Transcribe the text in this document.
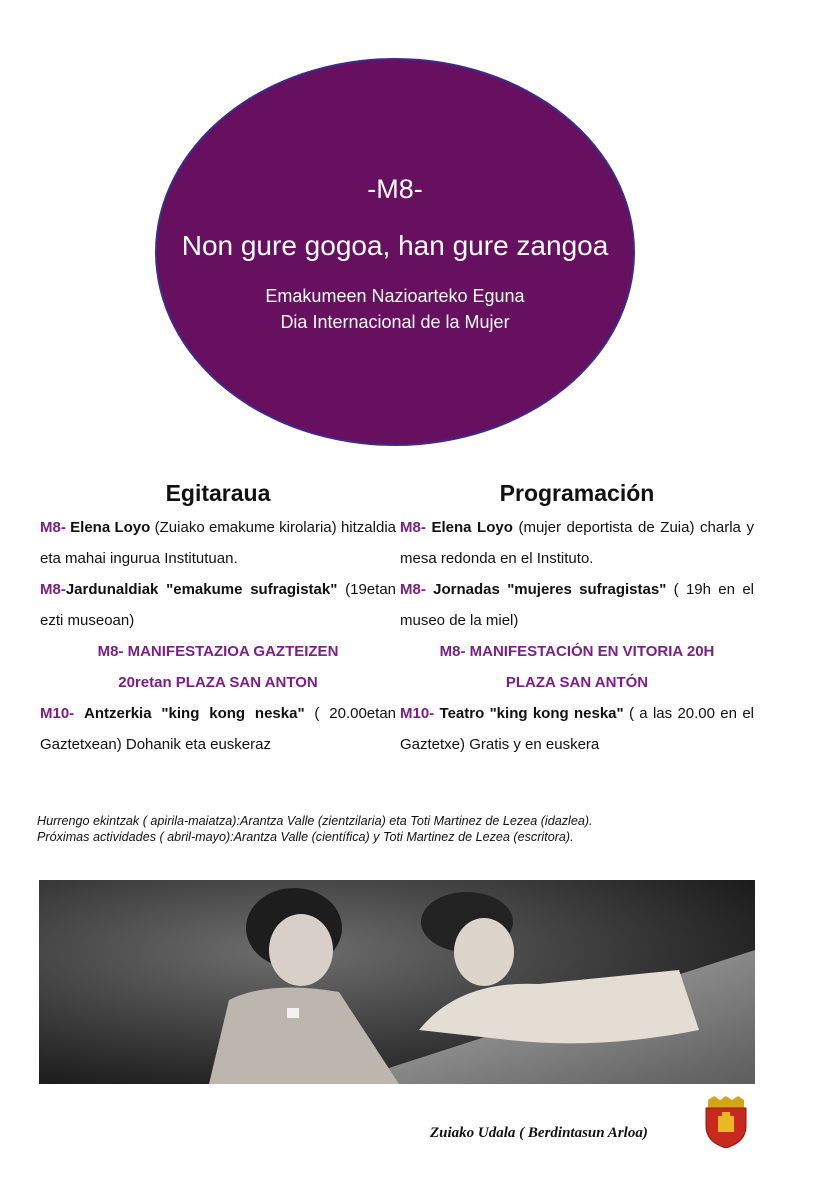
-M8-
Non gure gogoa, han gure zangoa
Emakumeen Nazioarteko Eguna
Dia Internacional de la Mujer
Egitaraua
M8- Elena Loyo (Zuiako emakume kirolaria) hitzaldia eta mahai ingurua Institutuan.
M8-Jardunaldiak "emakume sufragistak" (19etan ezti museoan)
M8- MANIFESTAZIOA GAZTEIZEN
20retan PLAZA SAN ANTON
M10- Antzerkia "king kong neska" ( 20.00etan Gaztetxean) Dohanik eta euskeraz
Programación
M8- Elena Loyo (mujer deportista de Zuia) charla y mesa redonda en el Instituto.
M8- Jornadas "mujeres sufragistas" ( 19h en el museo de la miel)
M8- MANIFESTACIÓN EN VITORIA 20H
PLAZA SAN ANTÓN
M10- Teatro "king kong neska" ( a las 20.00 en el Gaztetxe) Gratis y en euskera
Hurrengo ekintzak ( apirila-maiatza):Arantza Valle (zientzilaria) eta Toti Martinez de Lezea (idazlea).
Próximas actividades ( abril-mayo):Arantza Valle (científica) y Toti Martinez de Lezea (escritora).
Zuiako Udala ( Berdintasun Arloa)
